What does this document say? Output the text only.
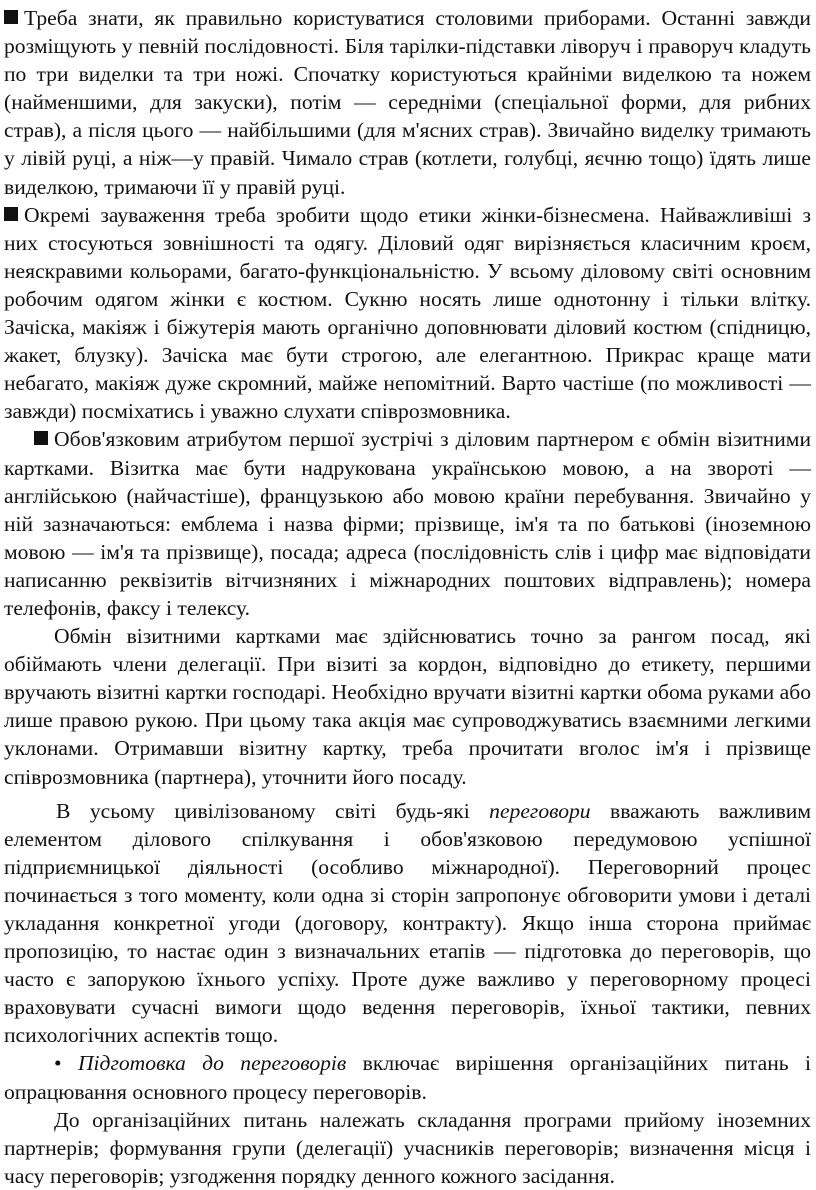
Треба знати, як правильно користуватися столовими приборами. Останні завжди розміщують у певній послідовності. Біля тарілки-підставки ліворуч і праворуч кладуть по три виделки та три ножі. Спочатку користуються крайніми виделкою та ножем (найменшими, для закуски), потім — середніми (спеціальної форми, для рибних страв), а після цього — найбільшими (для м'ясних страв). Звичайно виделку тримають у лівій руці, а ніж—у правій. Чимало страв (котлети, голубці, яєчню тощо) їдять лише виделкою, тримаючи її у правій руці.

Окремі зауваження треба зробити щодо етики жінки-бізнесмена. Найважливіші з них стосуються зовнішності та одягу. Діловий одяг вирізняється класичним кроєм, неяскравими кольорами, багато-функціональністю. У всьому діловому світі основним робочим одягом жінки є костюм. Сукню носять лише однотонну і тільки влітку. Зачіска, макіяж і біжутерія мають органічно доповнювати діловий костюм (спідницю, жакет, блузку). Зачіска має бути строгою, але елегантною. Прикрас краще мати небагато, макіяж дуже скромний, майже непомітний. Варто частіше (по можливості — завжди) посміхатись і уважно слухати співрозмовника.

Обов'язковим атрибутом першої зустрічі з діловим партнером є обмін візитними картками. Візитка має бути надрукована українською мовою, а на звороті — англійською (найчастіше), французькою або мовою країни перебування. Звичайно у ній зазначаються: емблема і назва фірми; прізвище, ім'я та по батькові (іноземною мовою — ім'я та прізвище), посада; адреса (послідовність слів і цифр має відповідати написанню реквізитів вітчизняних і міжнародних поштових відправлень); номера телефонів, факсу і телексу.

Обмін візитними картками має здійснюватись точно за рангом посад, які обіймають члени делегації. При візиті за кордон, відповідно до етикету, першими вручають візитні картки господарі. Необхідно вручати візитні картки обома руками або лише правою рукою. При цьому така акція має супроводжуватись взаємними легкими уклонами. Отримавши візитну картку, треба прочитати вголос ім'я і прізвище співрозмовника (партнера), уточнити його посаду.

В усьому цивілізованому світі будь-які переговори вважають важливим елементом ділового спілкування і обов'язковою передумовою успішної підприємницької діяльності (особливо міжнародної). Переговорний процес починається з того моменту, коли одна зі сторін запропонує обговорити умови і деталі укладання конкретної угоди (договору, контракту). Якщо інша сторона приймає пропозицію, то настає один з визначальних етапів — підготовка до переговорів, що часто є запорукою їхнього успіху. Проте дуже важливо у переговорному процесі враховувати сучасні вимоги щодо ведення переговорів, їхньої тактики, певних психологічних аспектів тощо.

• Підготовка до переговорів включає вирішення організаційних питань і опрацювання основного процесу переговорів.

До організаційних питань належать складання програми прийому іноземних партнерів; формування групи (делегації) учасників переговорів; визначення місця і часу переговорів; узгодження порядку денного кожного засідання.
